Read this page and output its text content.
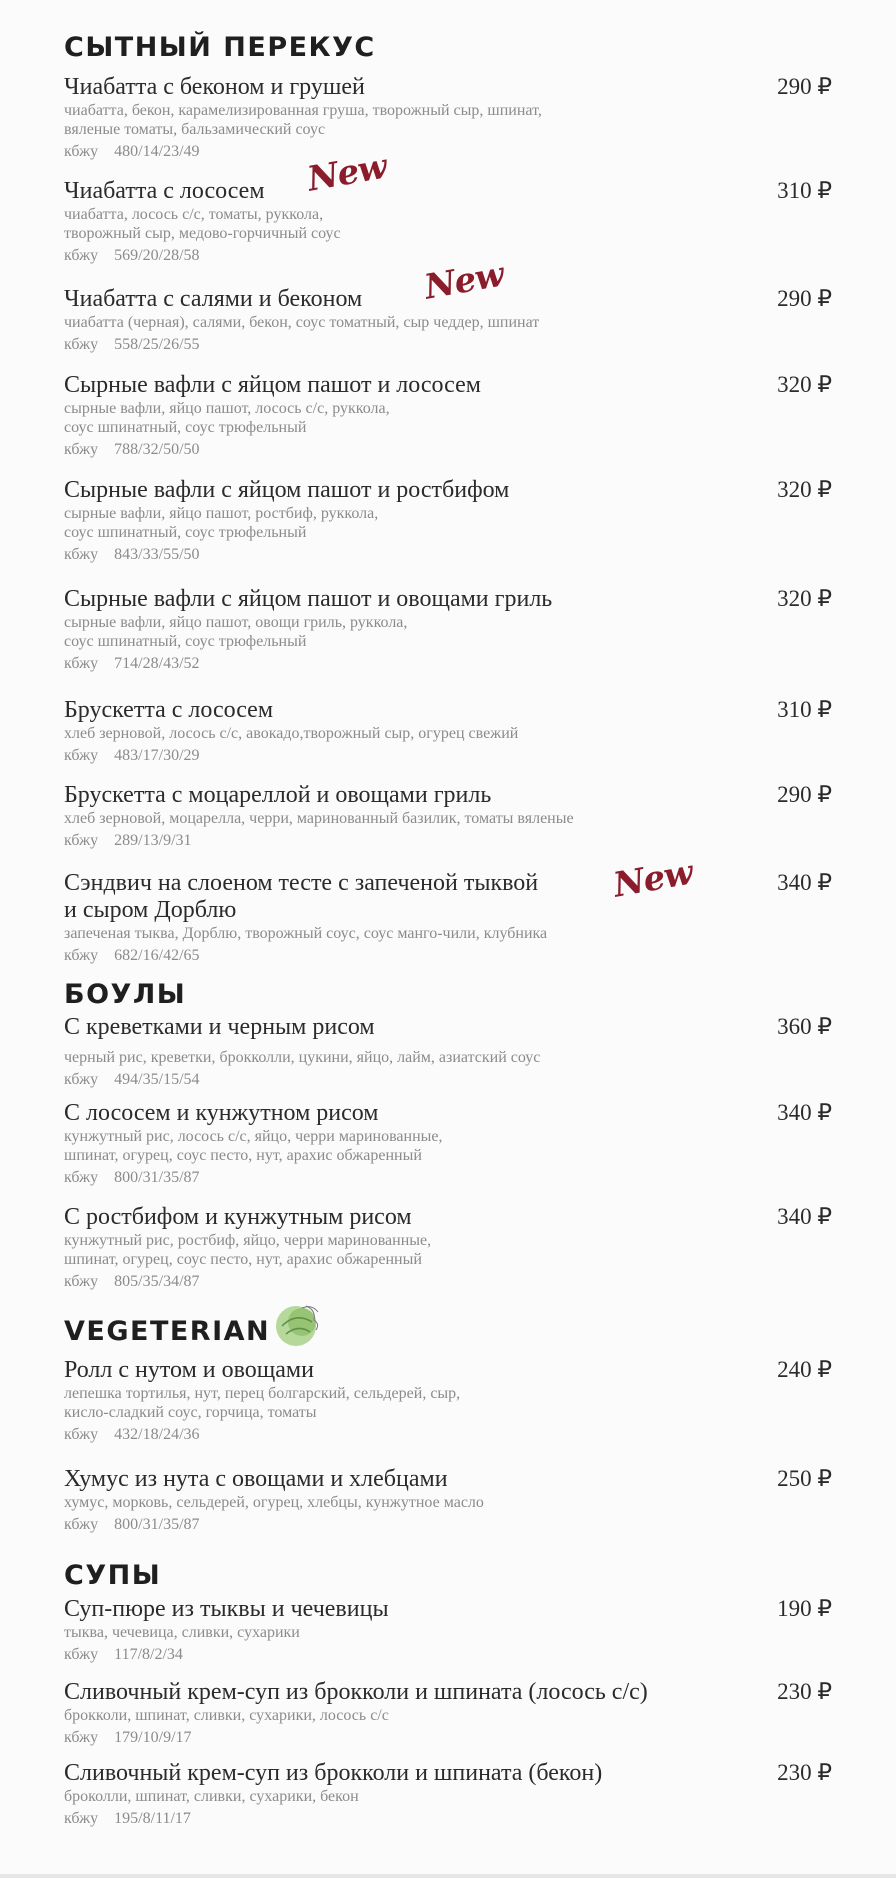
СЫТНЫЙ ПЕРЕКУС
Чиабатта с беконом и грушей	290 ₽
чиабатта, бекон, карамелизированная груша, творожный сыр, шпинат,
вяленые томаты, бальзамический соус
кбжу 480/14/23/49
Чиабатта с лососем	310 ₽
чиабатта, лосось с/с, томаты, руккола,
творожный сыр, медово-горчичный соус
кбжу 569/20/28/58
New
Чиабатта с салями и беконом	290 ₽
чиабатта (черная), салями, бекон, соус томатный, сыр чеддер, шпинат
кбжу 558/25/26/55
New
Сырные вафли с яйцом пашот и лососем	320 ₽
сырные вафли, яйцо пашот, лосось с/с, руккола,
соус шпинатный, соус трюфельный
кбжу 788/32/50/50
Сырные вафли с яйцом пашот и ростбифом	320 ₽
сырные вафли, яйцо пашот, ростбиф, руккола,
соус шпинатный, соус трюфельный
кбжу 843/33/55/50
Сырные вафли с яйцом пашот и овощами гриль	320 ₽
сырные вафли, яйцо пашот, овощи гриль, руккола,
соус шпинатный, соус трюфельный
кбжу 714/28/43/52
Брускетта с лососем	310 ₽
хлеб зерновой, лосось с/с, авокадо,творожный сыр, огурец свежий
кбжу 483/17/30/29
Брускетта с моцареллой и овощами гриль	290 ₽
хлеб зерновой, моцарелла, черри, маринованный базилик, томаты вяленые
кбжу 289/13/9/31
Сэндвич на слоеном тесте с запеченой тыквой
и сыром Дорблю
340 ₽
запеченая тыква, Дорблю, творожный соус, соус манго-чили, клубника
кбжу 682/16/42/65
New
БОУЛЫ
С креветками и черным рисом	360 ₽
черный рис, креветки, брокколли, цукини, яйцо, лайм, азиатский соус
кбжу 494/35/15/54
С лососем и кунжутном рисом	340 ₽
кунжутный рис, лосось с/с, яйцо, черри маринованные,
шпинат, огурец, соус песто, нут, арахис обжаренный
кбжу 800/31/35/87
С ростбифом и кунжутным рисом	340 ₽
кунжутный рис, ростбиф, яйцо, черри маринованные,
шпинат, огурец, соус песто, нут, арахис обжаренный
кбжу 805/35/34/87
VEGETERIAN
Ролл с нутом и овощами	240 ₽
лепешка тортилья, нут, перец болгарский, сельдерей, сыр,
кисло-сладкий соус, горчица, томаты
кбжу 432/18/24/36
Хумус из нута с овощами и хлебцами	250 ₽
хумус, морковь, сельдерей, огурец, хлебцы, кунжутное масло
кбжу 800/31/35/87
СУПЫ
Суп-пюре из тыквы и чечевицы	190 ₽
тыква, чечевица, сливки, сухарики
кбжу 117/8/2/34
Сливочный крем-суп из брокколи и шпината (лосось с/с)	230 ₽
брокколи, шпинат, сливки, сухарики, лосось с/с
кбжу 179/10/9/17
Сливочный крем-суп из брокколи и шпината (бекон)	230 ₽
броколли, шпинат, сливки, сухарики, бекон
кбжу 195/8/11/17
